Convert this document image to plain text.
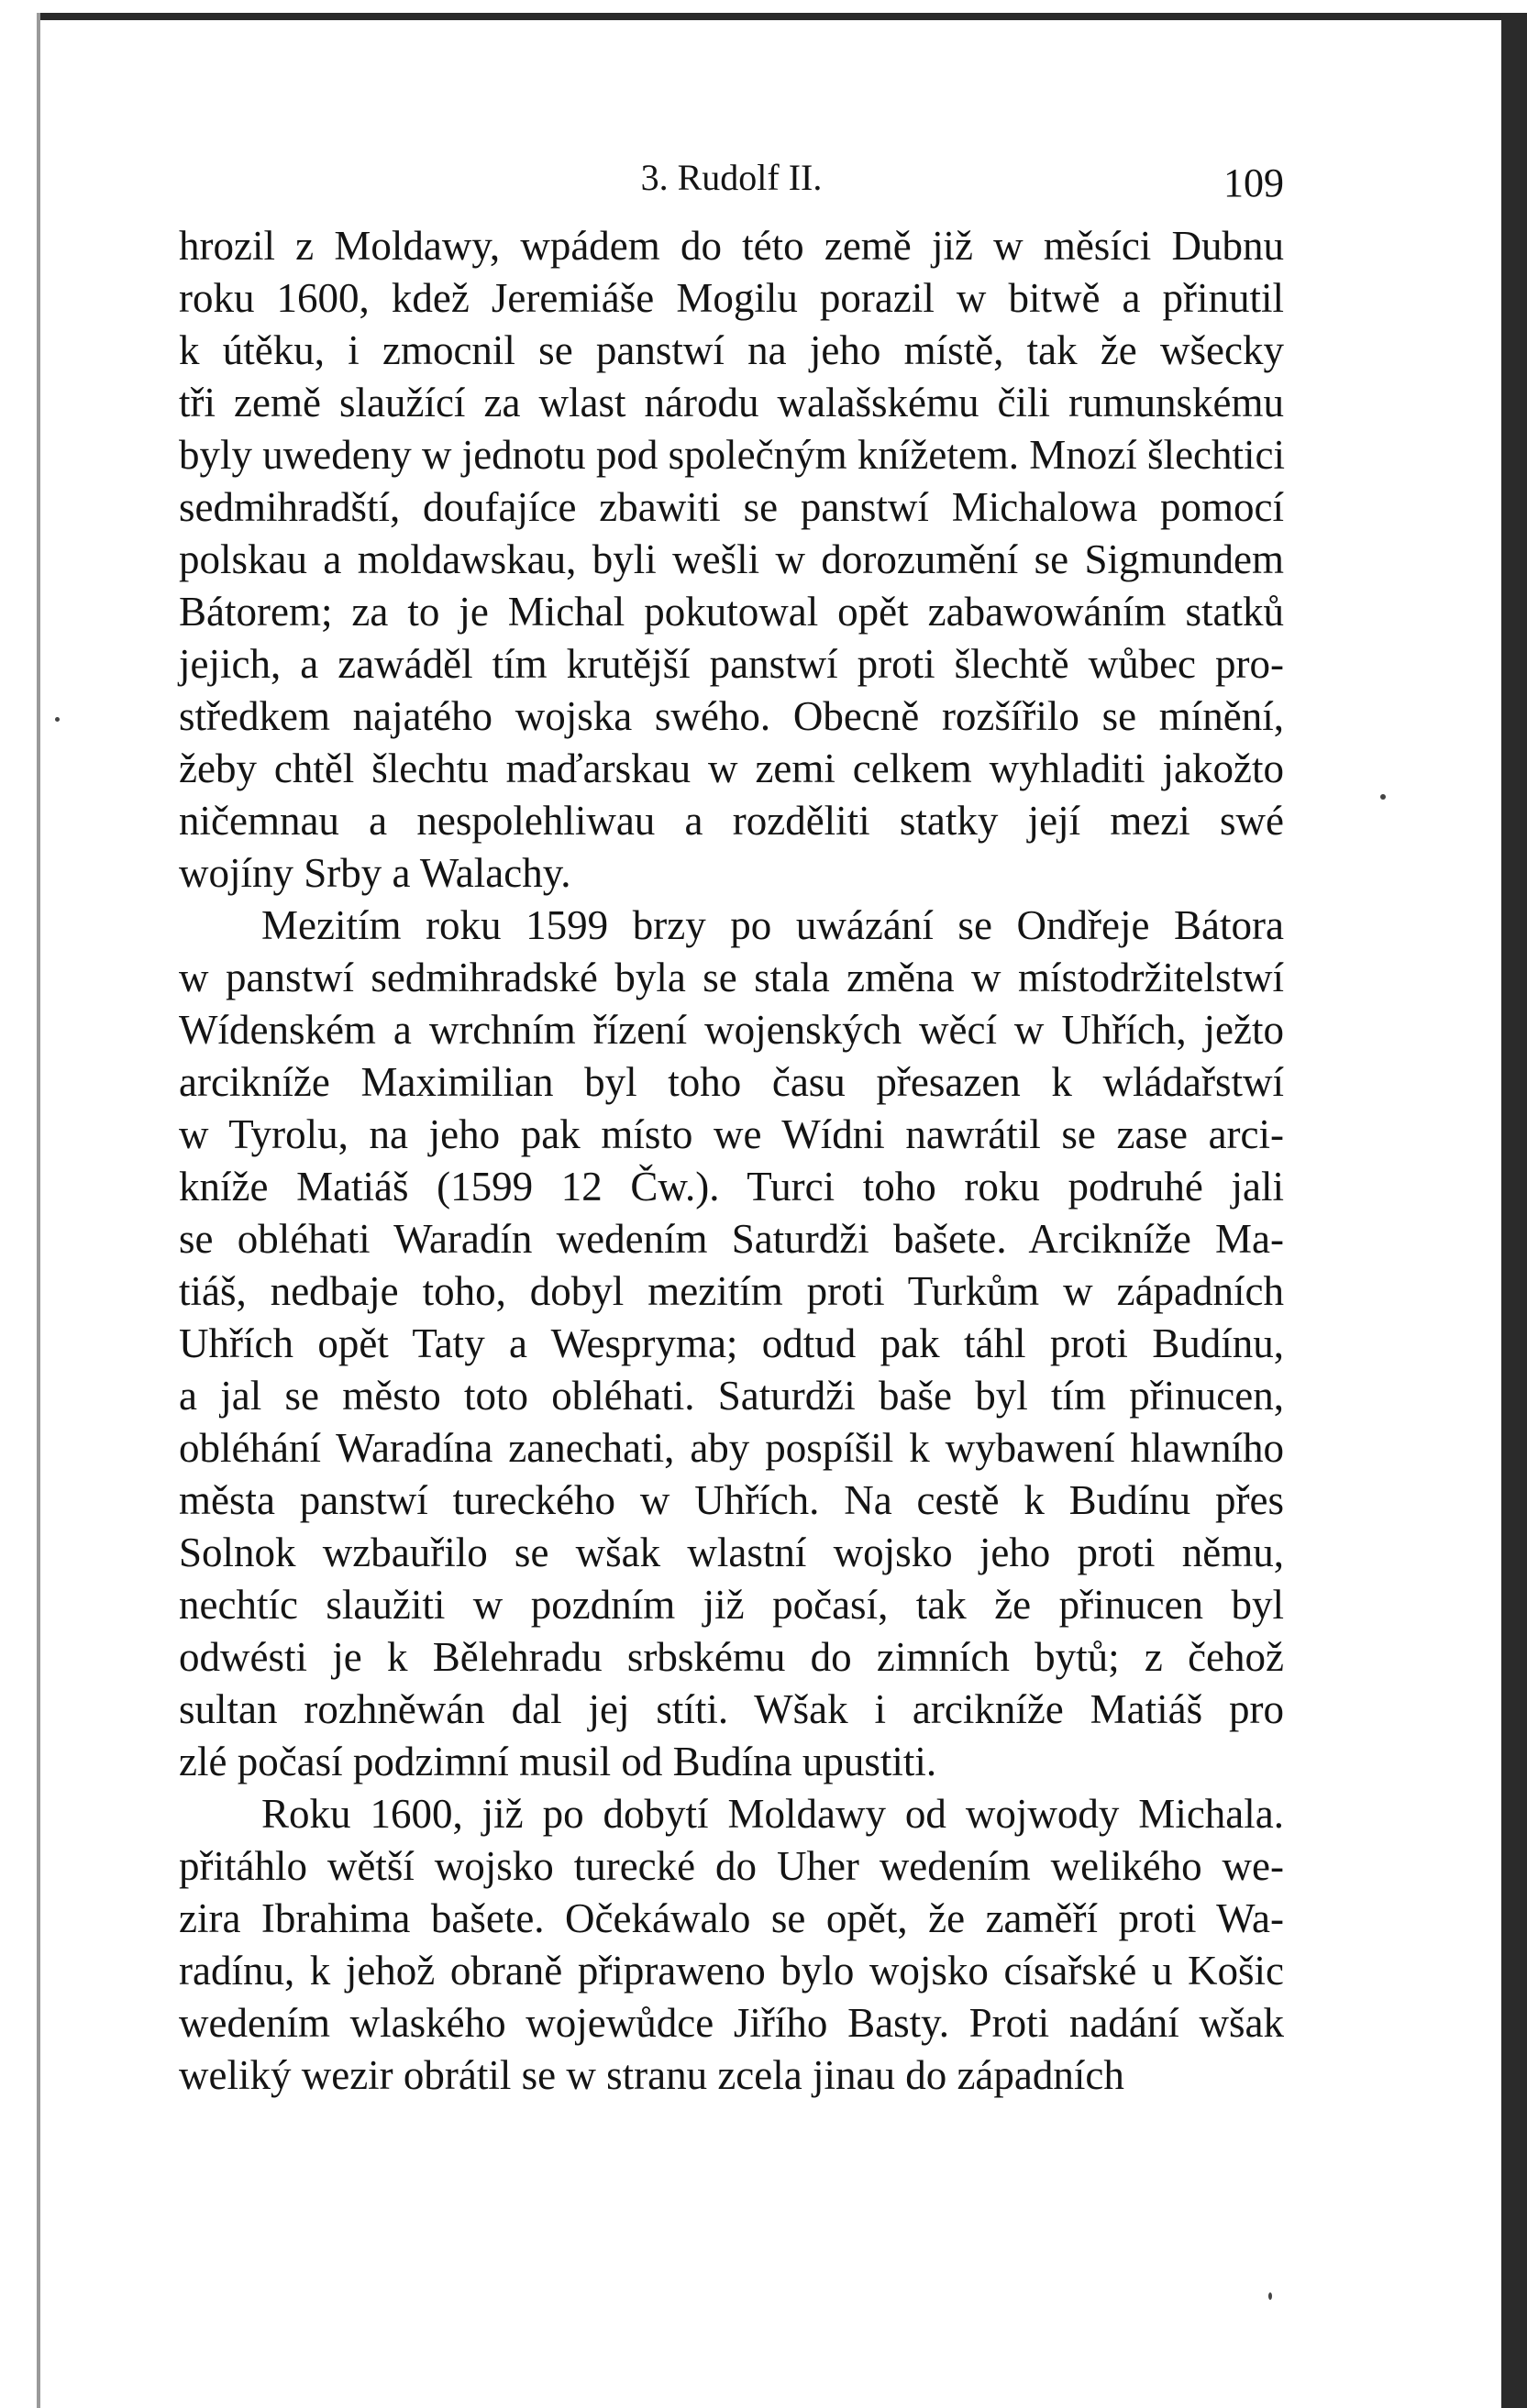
3. Rudolf II.	109
hrozil z Moldawy, wpádem do této země již w měsíci Dubnu
roku 1600, kdež Jeremiáše Mogilu porazil w bitwě a přinutil
k útěku, i zmocnil se panstwí na jeho místě, tak že wšecky
tři země slaužící za wlast národu walašskému čili rumunskému
byly uwedeny w jednotu pod společným knížetem. Mnozí šlechtici
sedmihradští, doufajíce zbawiti se panstwí Michalowa pomocí
polskau a moldawskau, byli wešli w dorozumění se Sigmundem
Bátorem; za to je Michal pokutowal opět zabawowáním statků
jejich, a zawáděl tím krutější panstwí proti šlechtě wůbec pro-
středkem najatého wojska swého. Obecně rozšířilo se mínění,
žeby chtěl šlechtu maďarskau w zemi celkem wyhladiti jakožto
ničemnau a nespolehliwau a rozděliti statky její mezi swé
wojíny Srby a Walachy.
Mezitím roku 1599 brzy po uwázání se Ondřeje Bátora
w panstwí sedmihradské byla se stala změna w místodržitelstwí
Wídenském a wrchním řízení wojenských wěcí w Uhřích, ježto
arcikníže Maximilian byl toho času přesazen k wládařstwí
w Tyrolu, na jeho pak místo we Wídni nawrátil se zase arci-
kníže Matiáš (1599 12 Čw.). Turci toho roku podruhé jali
se obléhati Waradín wedením Saturdži bašete. Arcikníže Ma-
tiáš, nedbaje toho, dobyl mezitím proti Turkům w západních
Uhřích opět Taty a Wespryma; odtud pak táhl proti Budínu,
a jal se město toto obléhati. Saturdži baše byl tím přinucen,
obléhání Waradína zanechati, aby pospíšil k wybawení hlawního
města panstwí tureckého w Uhřích. Na cestě k Budínu přes
Solnok wzbauřilo se wšak wlastní wojsko jeho proti němu,
nechtíc slaužiti w pozdním již počasí, tak že přinucen byl
odwésti je k Bělehradu srbskému do zimních bytů; z čehož
sultan rozhněwán dal jej stíti. Wšak i arcikníže Matiáš pro
zlé počasí podzimní musil od Budína upustiti.
Roku 1600, již po dobytí Moldawy od wojwody Michala.
přitáhlo wětší wojsko turecké do Uher wedením welikého we-
zira Ibrahima bašete. Očekáwalo se opět, že zaměří proti Wa-
radínu, k jehož obraně připraweno bylo wojsko císařské u Košic
wedením wlaského wojewůdce Jiřího Basty. Proti nadání wšak
weliký wezir obrátil se w stranu zcela jinau do západních
